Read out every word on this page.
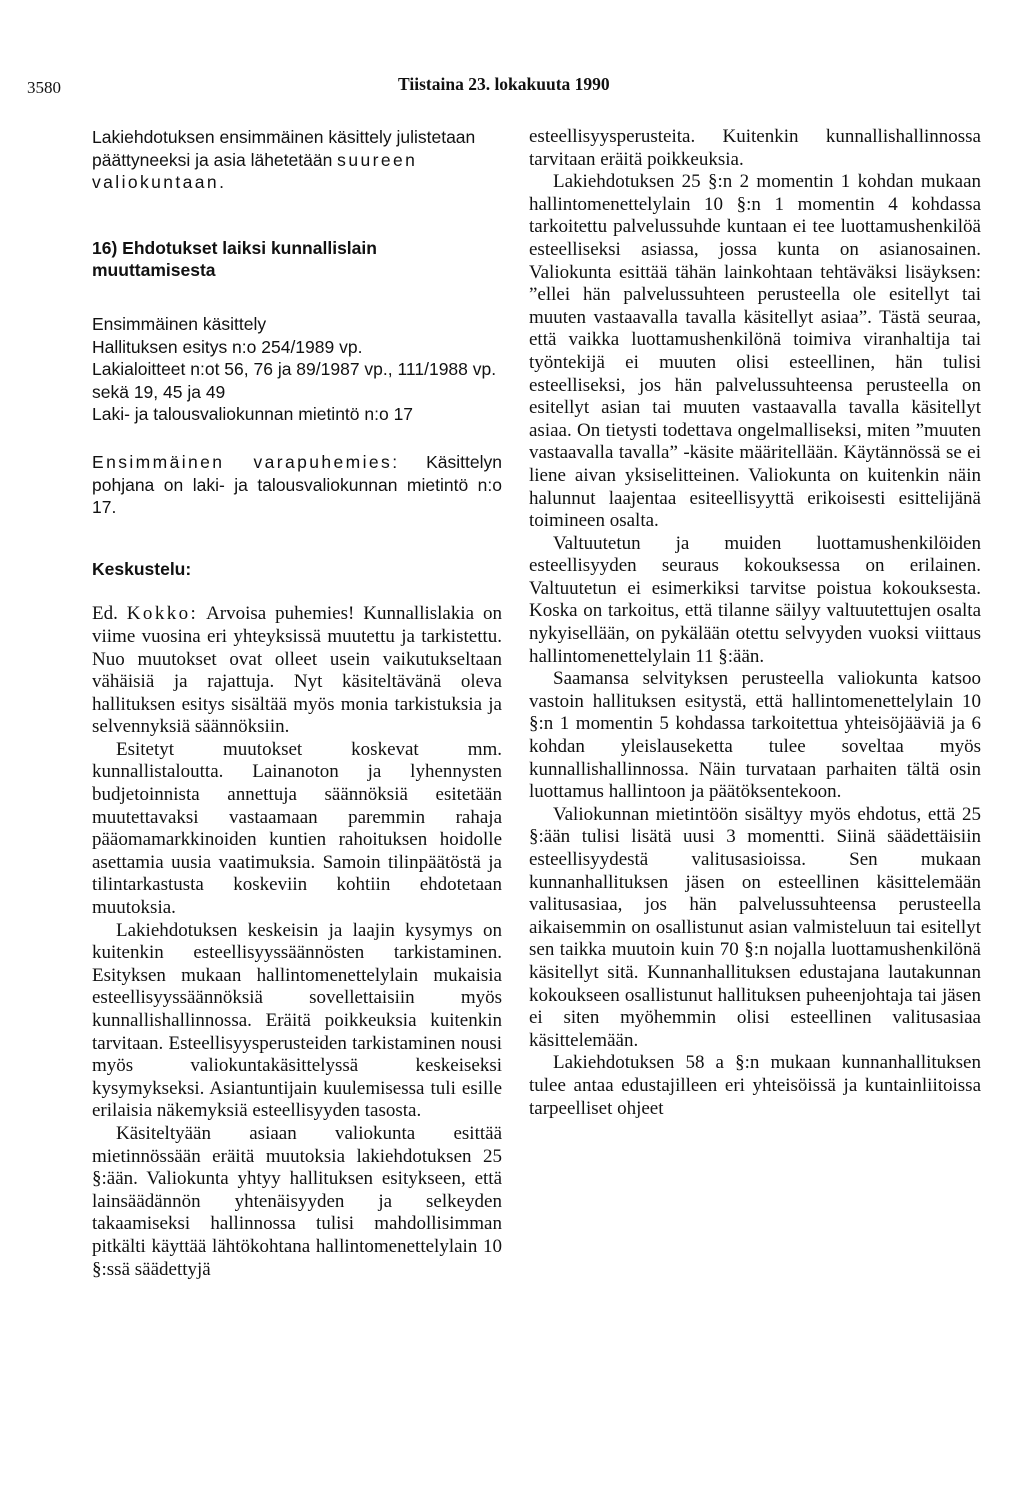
3580	Tiistaina 23. lokakuuta 1990

Lakiehdotuksen ensimmäinen käsittely julistetaan päättyneeksi ja asia lähetetään suureen valiokuntaan.

16) Ehdotukset laiksi kunnallislain muuttamisesta

Ensimmäinen käsittely
Hallituksen esitys n:o 254/1989 vp.
Lakialoitteet n:ot 56, 76 ja 89/1987 vp., 111/1988 vp. sekä 19, 45 ja 49
Laki- ja talousvaliokunnan mietintö n:o 17

Ensimmäinen varapuhemies: Käsittelyn pohjana on laki- ja talousvaliokunnan mietintö n:o 17.

Keskustelu:

Ed. Kokko: Arvoisa puhemies! Kunnallislakia on viime vuosina eri yhteyksissä muutettu ja tarkistettu. Nuo muutokset ovat olleet usein vaikutukseltaan vähäisiä ja rajattuja. Nyt käsiteltävänä oleva hallituksen esitys sisältää myös monia tarkistuksia ja selvennyksiä säännöksiin.

Esitetyt muutokset koskevat mm. kunnallistaloutta. Lainanoton ja lyhennysten budjetoinnista annettuja säännöksiä esitetään muutettavaksi vastaamaan paremmin rahaja pääomamarkkinoiden kuntien rahoituksen hoidolle asettamia uusia vaatimuksia. Samoin tilinpäätöstä ja tilintarkastusta koskeviin kohtiin ehdotetaan muutoksia.

Lakiehdotuksen keskeisin ja laajin kysymys on kuitenkin esteellisyyssäännösten tarkistaminen. Esityksen mukaan hallintomenettelylain mukaisia esteellisyyssäännöksiä sovellettaisiin myös kunnallishallinnossa. Eräitä poikkeuksia kuitenkin tarvitaan. Esteellisyysperusteiden tarkistaminen nousi myös valiokuntakäsittelyssä keskeiseksi kysymykseksi. Asiantuntijain kuulemisessa tuli esille erilaisia näkemyksiä esteellisyyden tasosta.

Käsiteltyään asiaan valiokunta esittää mietinnössään eräitä muutoksia lakiehdotuksen 25 §:ään. Valiokunta yhtyy hallituksen esitykseen, että lainsäädännön yhtenäisyyden ja selkeyden takaamiseksi hallinnossa tulisi mahdollisimman pitkälti käyttää lähtökohtana hallintomenettelylain 10 §:ssä säädettyjä

esteellisyysperusteita. Kuitenkin kunnallishallinnossa tarvitaan eräitä poikkeuksia.

Lakiehdotuksen 25 §:n 2 momentin 1 kohdan mukaan hallintomenettelylain 10 §:n 1 momentin 4 kohdassa tarkoitettu palvelussuhde kuntaan ei tee luottamushenkilöä esteelliseksi asiassa, jossa kunta on asianosainen. Valiokunta esittää tähän lainkohtaan tehtäväksi lisäyksen: ”ellei hän palvelussuhteen perusteella ole esitellyt tai muuten vastaavalla tavalla käsitellyt asiaa”. Tästä seuraa, että vaikka luottamushenkilönä toimiva viranhaltija tai työntekijä ei muuten olisi esteellinen, hän tulisi esteelliseksi, jos hän palvelussuhteensa perusteella on esitellyt asian tai muuten vastaavalla tavalla käsitellyt asiaa. On tietysti todettava ongelmalliseksi, miten ”muuten vastaavalla tavalla” -käsite määritellään. Käytännössä se ei liene aivan yksiselitteinen. Valiokunta on kuitenkin näin halunnut laajentaa esiteellisyyttä erikoisesti esittelijänä toimineen osalta.

Valtuutetun ja muiden luottamushenkilöiden esteellisyyden seuraus kokouksessa on erilainen. Valtuutetun ei esimerkiksi tarvitse poistua kokouksesta. Koska on tarkoitus, että tilanne säilyy valtuutettujen osalta nykyisellään, on pykälään otettu selvyyden vuoksi viittaus hallintomenettelylain 11 §:ään.

Saamansa selvityksen perusteella valiokunta katsoo vastoin hallituksen esitystä, että hallintomenettelylain 10 §:n 1 momentin 5 kohdassa tarkoitettua yhteisöjääviä ja 6 kohdan yleislauseketta tulee soveltaa myös kunnallishallinnossa. Näin turvataan parhaiten tältä osin luottamus hallintoon ja päätöksentekoon.

Valiokunnan mietintöön sisältyy myös ehdotus, että 25 §:ään tulisi lisätä uusi 3 momentti. Siinä säädettäisiin esteellisyydestä valitusasioissa. Sen mukaan kunnanhallituksen jäsen on esteellinen käsittelemään valitusasiaa, jos hän palvelussuhteensa perusteella aikaisemmin on osallistunut asian valmisteluun tai esitellyt sen taikka muutoin kuin 70 §:n nojalla luottamushenkilönä käsitellyt sitä. Kunnanhallituksen edustajana lautakunnan kokoukseen osallistunut hallituksen puheenjohtaja tai jäsen ei siten myöhemmin olisi esteellinen valitusasiaa käsittelemään.

Lakiehdotuksen 58 a §:n mukaan kunnanhallituksen tulee antaa edustajilleen eri yhteisöissä ja kuntainliitoissa tarpeelliset ohjeet
